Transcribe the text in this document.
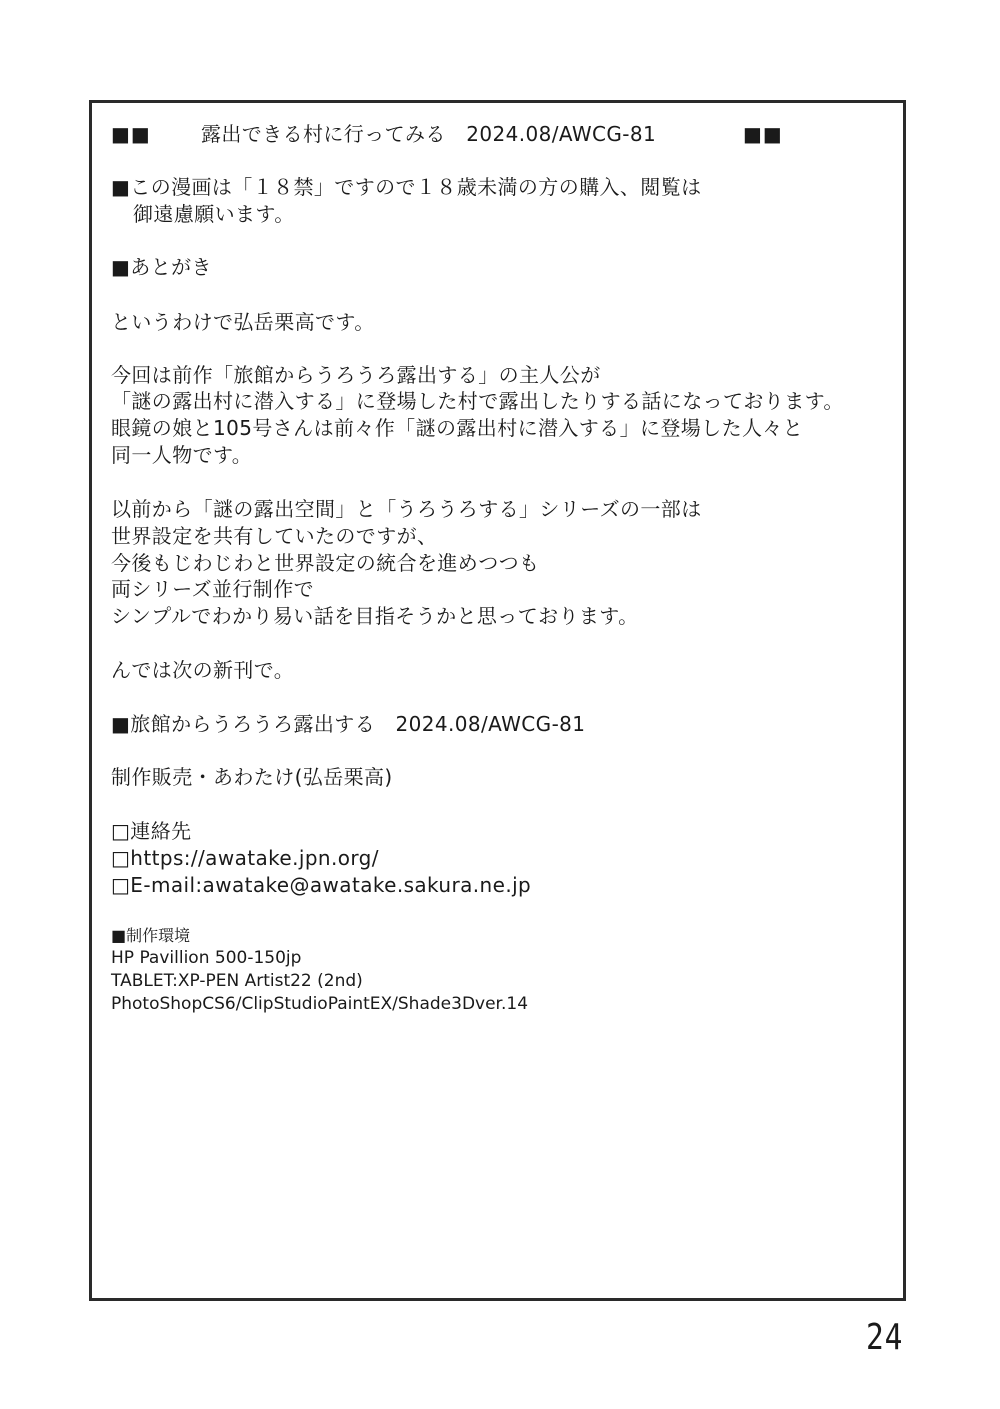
■■	露出できる村に行ってみる　2024.08/AWCG-81	■■
■この漫画は「１８禁」ですので１８歳未満の方の購入、閲覧は
御遠慮願います。
■あとがき
というわけで弘岳栗高です。
今回は前作「旅館からうろうろ露出する」の主人公が
「謎の露出村に潜入する」に登場した村で露出したりする話になっております。
眼鏡の娘と105号さんは前々作「謎の露出村に潜入する」に登場した人々と
同一人物です。
以前から「謎の露出空間」と「うろうろする」シリーズの一部は
世界設定を共有していたのですが、
今後もじわじわと世界設定の統合を進めつつも
両シリーズ並行制作で
シンプルでわかり易い話を目指そうかと思っております。
んでは次の新刊で。
■旅館からうろうろ露出する　2024.08/AWCG-81
制作販売・あわたけ(弘岳栗高)
□連絡先
□https://awatake.jpn.org/
□E-mail:awatake@awatake.sakura.ne.jp
■制作環境
HP Pavillion 500-150jp
TABLET:XP-PEN Artist22 (2nd)
PhotoShopCS6/ClipStudioPaintEX/Shade3Dver.14
24
